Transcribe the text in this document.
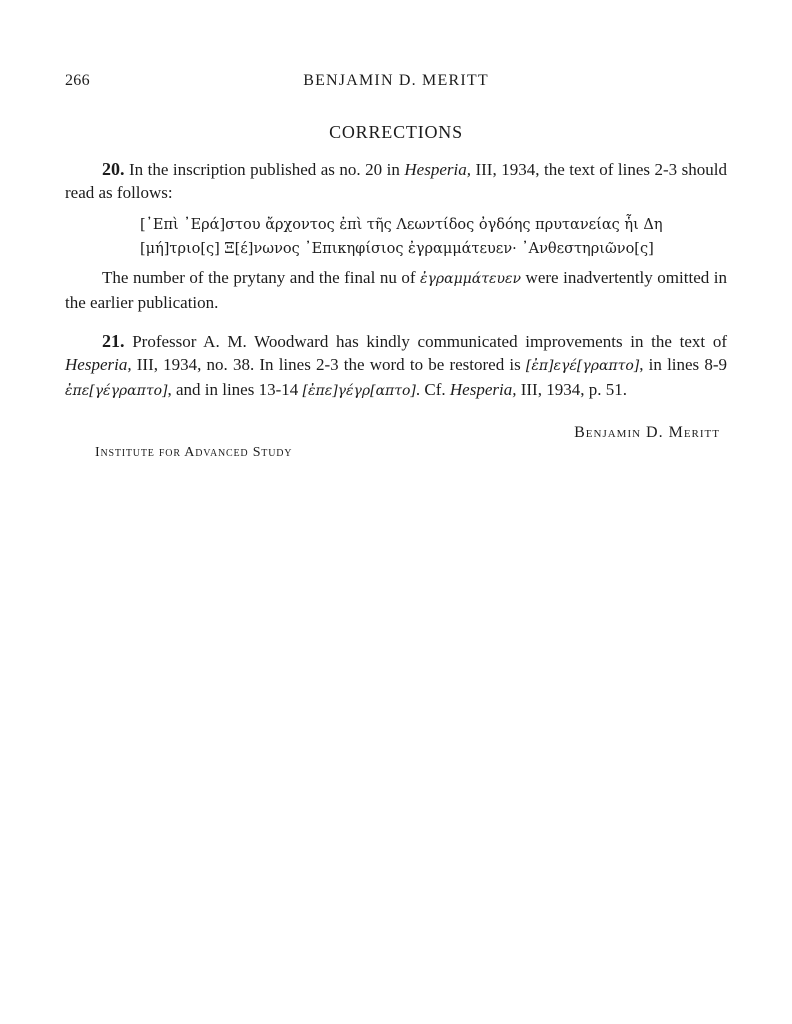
266	BENJAMIN D. MERITT
CORRECTIONS

20. In the inscription published as no. 20 in Hesperia, III, 1934, the text of lines 2-3 should read as follows:

[᾿Επὶ ᾿Ερά]στου ἄρχοντος ἐπὶ τῆς Λεωντίδος ὀγδόης πρυτανείας ἧι Δη
[μή]τριο[ς] Ξ[έ]νωνος ᾿Επικηφίσιος ἐγραμμάτευεν· ᾿Ανθεστηριῶνο[ς]

The number of the prytany and the final nu of ἐγραμμάτευεν were inadvertently omitted in the earlier publication.

21. Professor A. M. Woodward has kindly communicated improvements in the text of Hesperia, III, 1934, no. 38. In lines 2-3 the word to be restored is [ἐπ]εγέ[γραπτο], in lines 8-9 ἐπε[γέγραπτο], and in lines 13-14 [ἐπε]γέγρ[απτο]. Cf. Hesperia, III, 1934, p. 51.

Benjamin D. Meritt
Institute for Advanced Study
